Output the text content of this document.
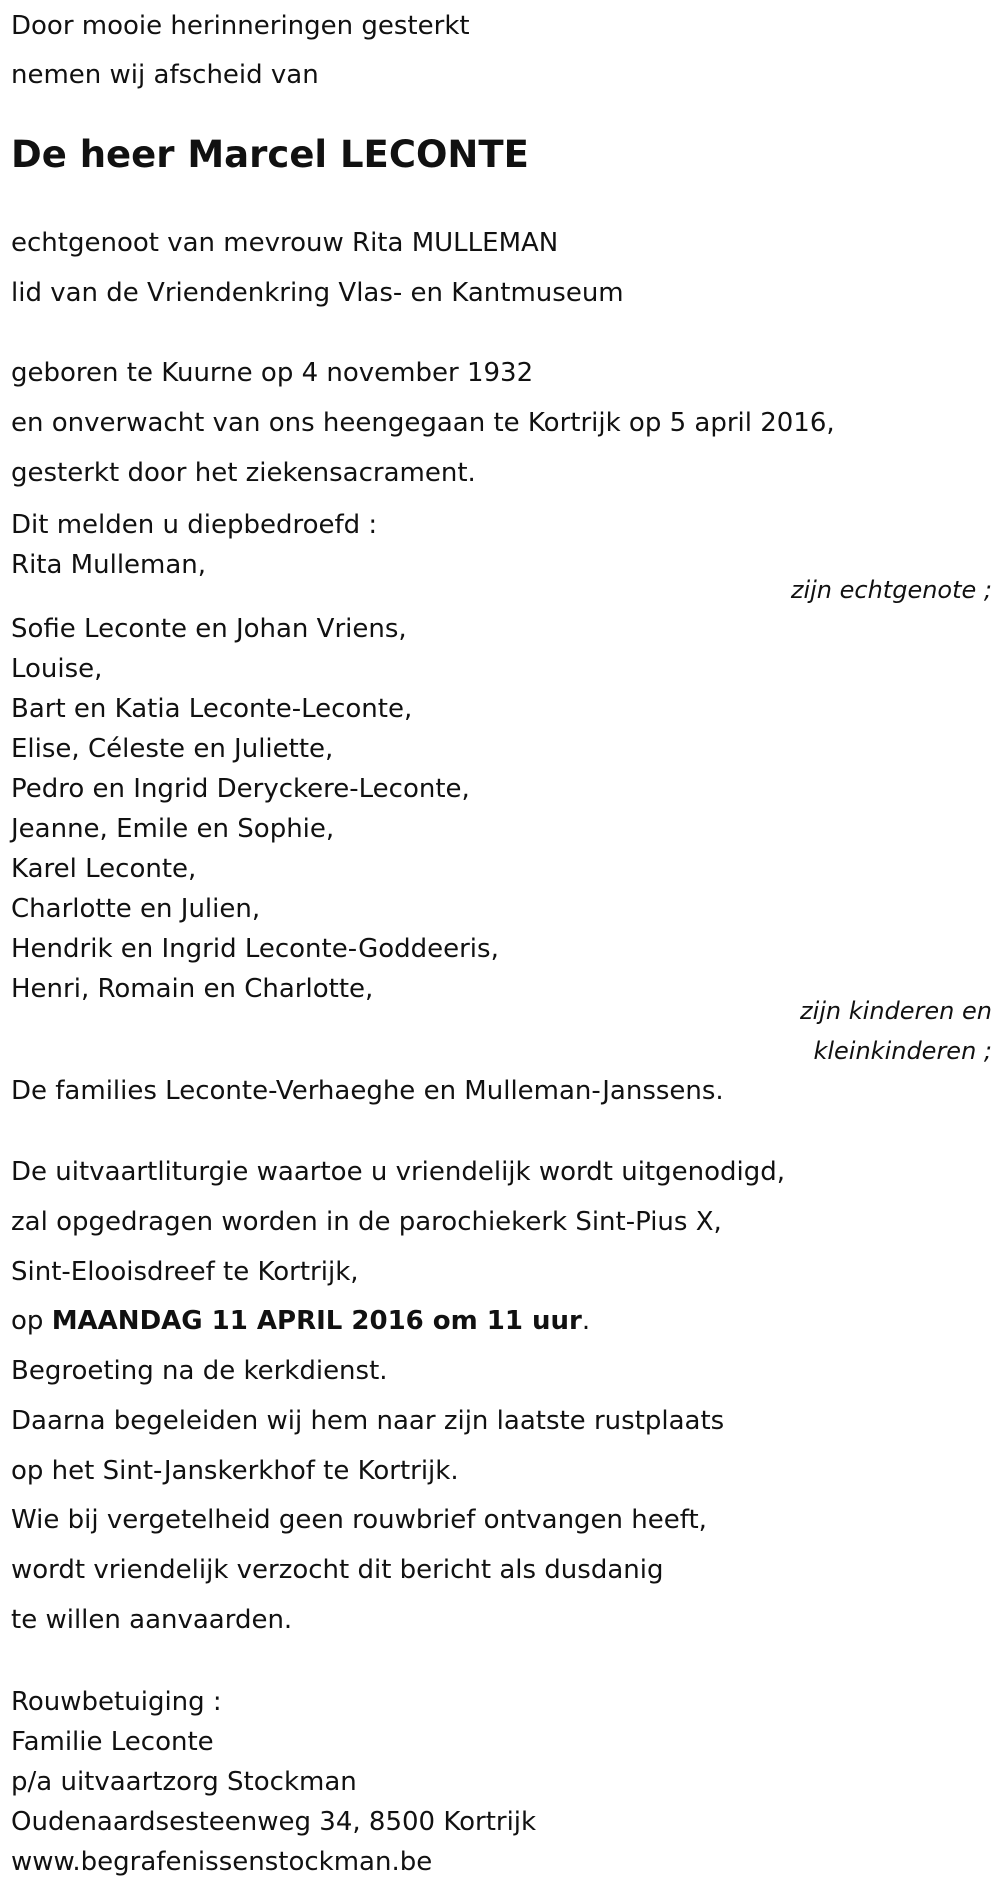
Door mooie herinneringen gesterkt

nemen wij afscheid van

De heer Marcel LECONTE

echtgenoot van mevrouw Rita MULLEMAN

lid van de Vriendenkring Vlas- en Kantmuseum

geboren te Kuurne op 4 november 1932

en onverwacht van ons heengegaan te Kortrijk op 5 april 2016,

gesterkt door het ziekensacrament.

Dit melden u diepbedroefd :

Rita Mulleman,

zijn echtgenote ;

Sofie Leconte en Johan Vriens,

Louise,

Bart en Katia Leconte-Leconte,

Elise, Céleste en Juliette,

Pedro en Ingrid Deryckere-Leconte,

Jeanne, Emile en Sophie,

Karel Leconte,

Charlotte en Julien,

Hendrik en Ingrid Leconte-Goddeeris,

Henri, Romain en Charlotte,

zijn kinderen en
kleinkinderen ;

De families Leconte-Verhaeghe en Mulleman-Janssens.

De uitvaartliturgie waartoe u vriendelijk wordt uitgenodigd,

zal opgedragen worden in de parochiekerk Sint-Pius X,

Sint-Elooisdreef te Kortrijk,

op MAANDAG 11 APRIL 2016 om 11 uur.

Begroeting na de kerkdienst.

Daarna begeleiden wij hem naar zijn laatste rustplaats

op het Sint-Janskerkhof te Kortrijk.

Wie bij vergetelheid geen rouwbrief ontvangen heeft,

wordt vriendelijk verzocht dit bericht als dusdanig

te willen aanvaarden.

Rouwbetuiging :

Familie Leconte

p/a uitvaartzorg Stockman

Oudenaardsesteenweg 34, 8500 Kortrijk

www.begrafenissenstockman.be
